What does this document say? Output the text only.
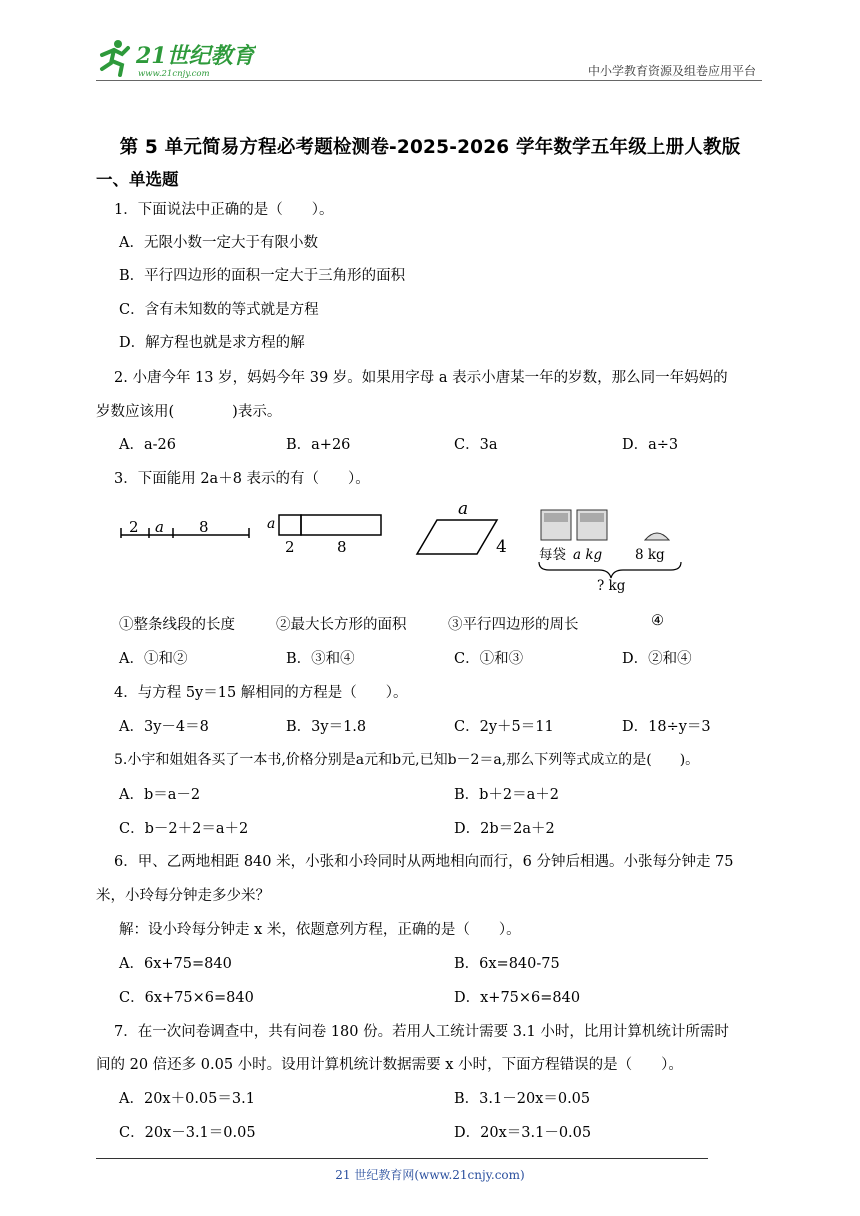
21世纪教育
www.21cnjy.com	中小学教育资源及组卷应用平台
第 5 单元简易方程必考题检测卷-2025-2026 学年数学五年级上册人教版
一、单选题
1．下面说法中正确的是（　　）。
A．无限小数一定大于有限小数
B．平行四边形的面积一定大于三角形的面积
C．含有未知数的等式就是方程
D．解方程也就是求方程的解
2. 小唐今年 13 岁，妈妈今年 39 岁。如果用字母 a 表示小唐某一年的岁数，那么同一年妈妈的
岁数应该用(　　　　)表示。
A．a-26	B．a+26	C．3a	D．a÷3
3．下面能用 2a＋8 表示的有（　　）。
2 a 8	a
2	8
a
4 每袋 a kg 8 kg
? kg
①整条线段的长度	②最大长方形的面积	③平行四边形的周长	④
A．①和②	B．③和④	C．①和③	D．②和④
4．与方程 5y＝15 解相同的方程是（　　）。
A．3y－4＝8	B．3y＝1.8	C．2y＋5＝11	D．18÷y＝3
5.小宇和姐姐各买了一本书,价格分别是a元和b元,已知b－2＝a,那么下列等式成立的是(　　)。
A．b＝a－2	B．b＋2＝a＋2
C．b－2＋2＝a＋2	D．2b＝2a＋2
6．甲、乙两地相距 840 米，小张和小玲同时从两地相向而行，6 分钟后相遇。小张每分钟走 75
米，小玲每分钟走多少米？
解：设小玲每分钟走 x 米，依题意列方程，正确的是（　　）。
A．6x+75=840	B．6x=840-75
C．6x+75×6=840	D．x+75×6=840
7．在一次问卷调查中，共有问卷 180 份。若用人工统计需要 3.1 小时，比用计算机统计所需时
间的 20 倍还多 0.05 小时。设用计算机统计数据需要 x 小时，下面方程错误的是（　　）。
A．20x＋0.05＝3.1	B．3.1－20x＝0.05
C．20x－3.1＝0.05	D．20x＝3.1－0.05
21 世纪教育网(www.21cnjy.com)
